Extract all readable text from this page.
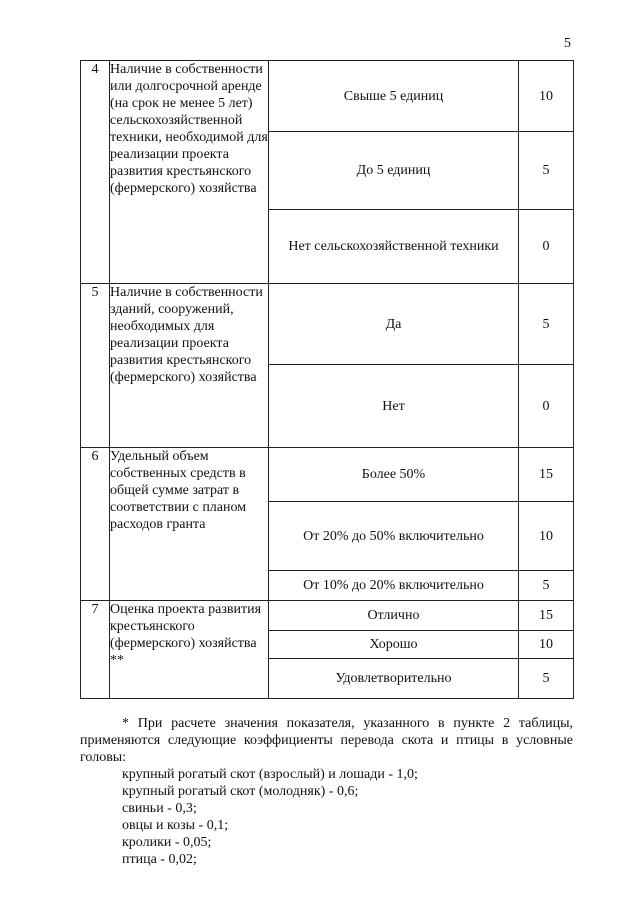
5
4	Наличие в собственности или долгосрочной аренде (на срок не менее 5 лет) сельскохозяйственной техники, необходимой для реализации проекта развития крестьянского (фермерского) хозяйства	Свыше 5 единиц	10
		До 5 единиц	5
		Нет сельскохозяйственной техники	0
5	Наличие в собственности зданий, сооружений, необходимых для реализации проекта развития крестьянского (фермерского) хозяйства	Да	5
		Нет	0
6	Удельный объем собственных средств в общей сумме затрат в соответствии с планом расходов гранта	Более 50%	15
		От 20% до 50% включительно	10
		От 10% до 20% включительно	5
7	Оценка проекта развития крестьянского (фермерского) хозяйства **	Отлично	15
		Хорошо	10
		Удовлетворительно	5

* При расчете значения показателя, указанного в пункте 2 таблицы, применяются следующие коэффициенты перевода скота и птицы в условные головы:

крупный рогатый скот (взрослый) и лошади - 1,0;
крупный рогатый скот (молодняк) - 0,6;
свиньи - 0,3;
овцы и козы - 0,1;
кролики - 0,05;
птица - 0,02;
